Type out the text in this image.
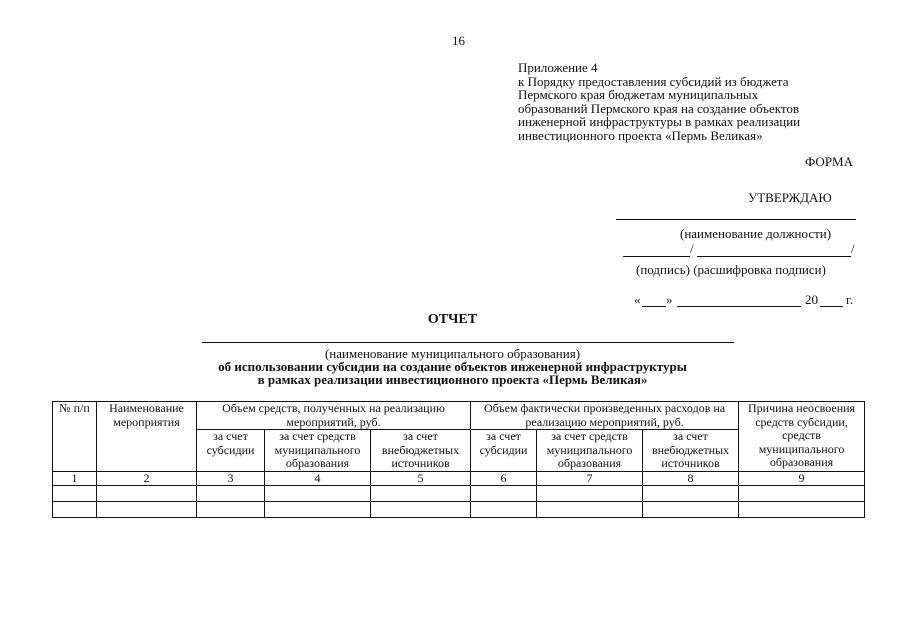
16
Приложение 4
к Порядку предоставления субсидий из бюджета
Пермского края бюджетам муниципальных
образований Пермского края на создание объектов
инженерной инфраструктуры в рамках реализации
инвестиционного проекта «Пермь Великая»
ФОРМА
УТВЕРЖДАЮ
(наименование должности)
/	/
(подпись) (расшифровка подписи)
« »	20 г.
ОТЧЕТ
(наименование муниципального образования)
об использовании субсидии на создание объектов инженерной инфраструктуры
в рамках реализации инвестиционного проекта «Пермь Великая»
№ п/п	Наименование мероприятия	Объем средств, полученных на реализацию мероприятий, руб.			Объем фактически произведенных расходов на реализацию мероприятий, руб.			Причина неосвоения средств субсидии, средств муниципального образования
		за счет субсидии	за счет средств муниципального образования	за счет внебюджетных источников	за счет субсидии	за счет средств муниципального образования	за счет внебюджетных источников	
1	2	3	4	5	6	7	8	9
